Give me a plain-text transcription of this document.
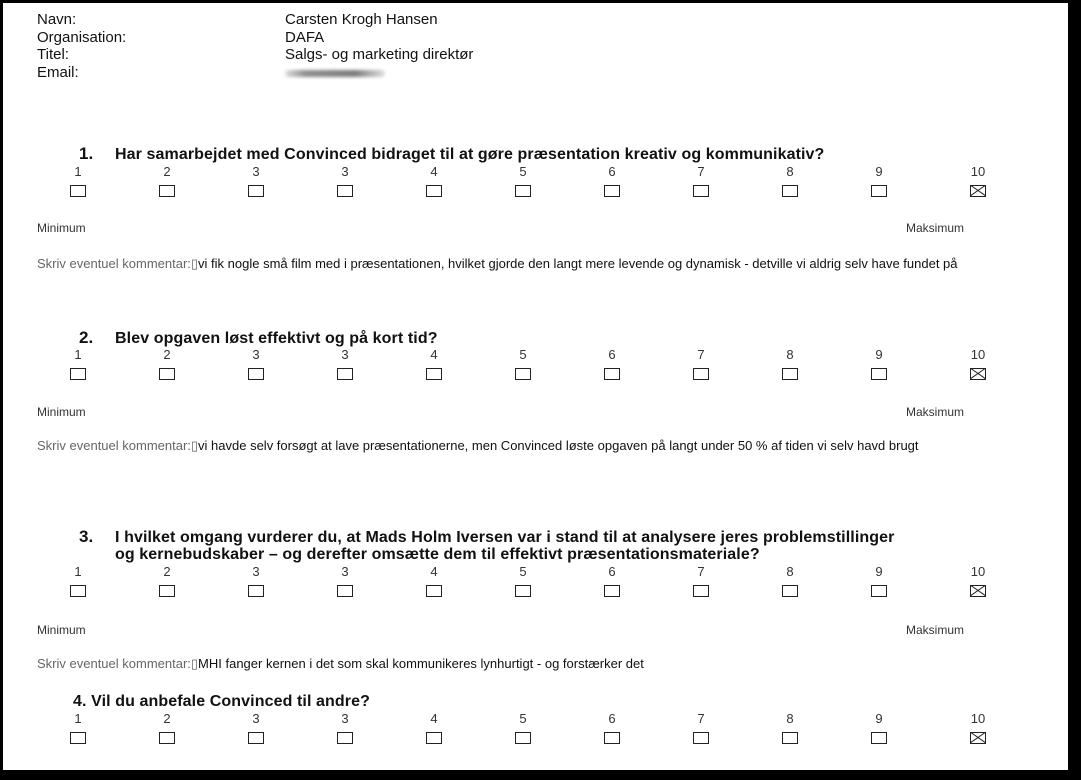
Navn:	Carsten Krogh Hansen
Organisation:	DAFA
Titel:	Salgs- og marketing direktør
Email:
1. Har samarbejdet med Convinced bidraget til at gøre præsentation kreativ og kommunikativ?
1	2	3	3	4	5	6	7	8	9	10
Minimum	Maksimum
Skriv eventuel kommentar:▯vi fik nogle små film med i præsentationen, hvilket gjorde den langt mere levende og dynamisk - detville vi aldrig selv have fundet på
2. Blev opgaven løst effektivt og på kort tid?
1	2	3	3	4	5	6	7	8	9	10
Minimum	Maksimum
Skriv eventuel kommentar:▯vi havde selv forsøgt at lave præsentationerne, men Convinced løste opgaven på langt under 50 % af tiden vi selv havd brugt
3. I hvilket omgang vurderer du, at Mads Holm Iversen var i stand til at analysere jeres problemstillinger
og kernebudskaber – og derefter omsætte dem til effektivt præsentationsmateriale?
1	2	3	3	4	5	6	7	8	9	10
Minimum	Maksimum
Skriv eventuel kommentar:▯MHI fanger kernen i det som skal kommunikeres lynhurtigt - og forstærker det
4. Vil du anbefale Convinced til andre?
1	2	3	3	4	5	6	7	8	9	10
